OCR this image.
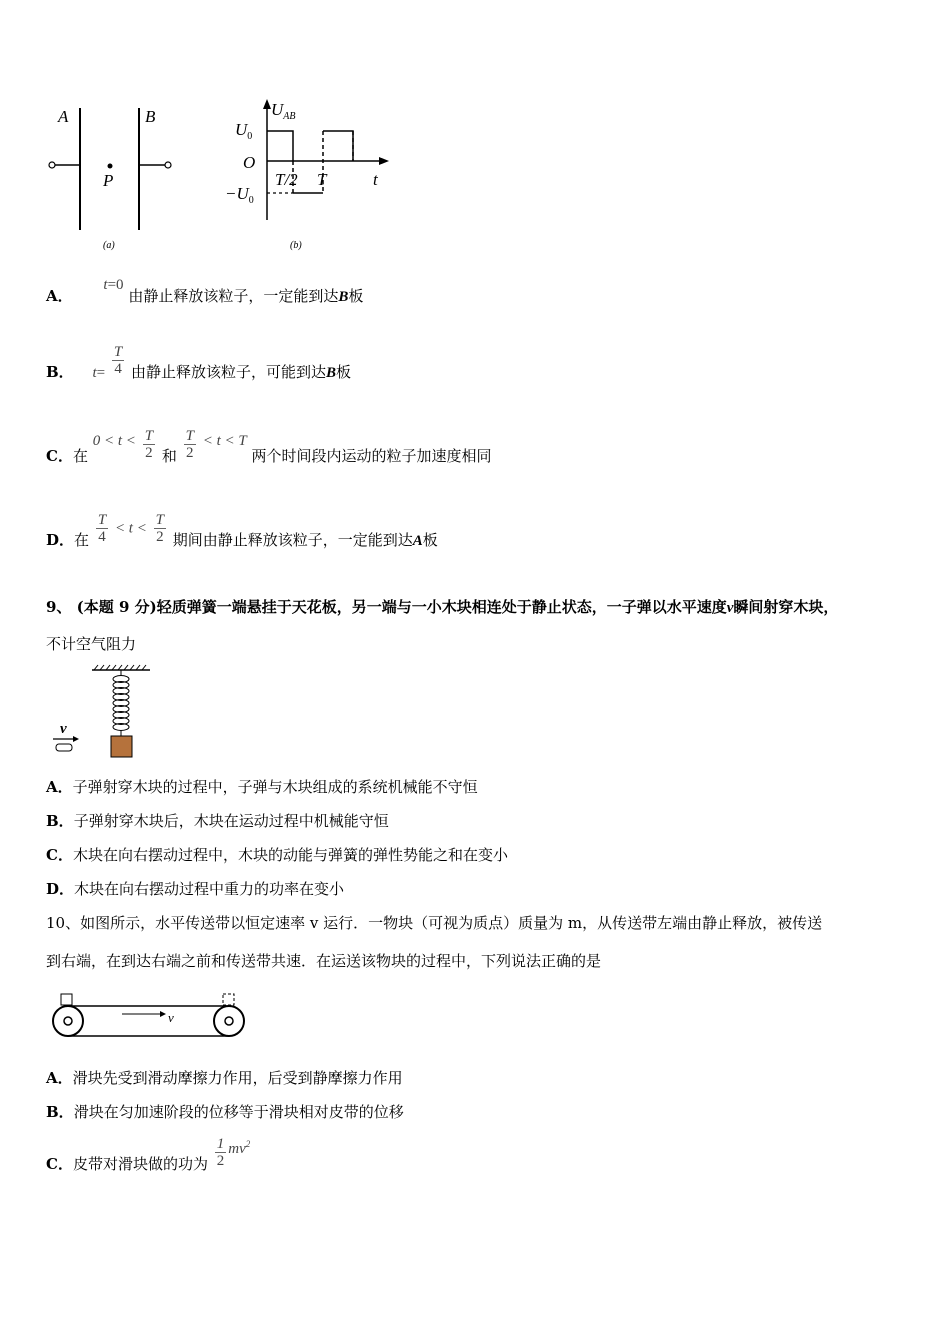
A	B
P
(a)
$U_{AB}$
$U_0$
O
$-U_0$
T/2 T	t
(b)
A． t=0 由静止释放该粒子，一定能到达B板
B． $t= \frac{T}{4}$ 由静止释放该粒子，可能到达B板
C．在 $0 < t < \frac{T}{2}$ 和 $\frac{T}{2} < t < T$ 两个时间段内运动的粒子加速度相同
D．在 $\frac{T}{4} < t < \frac{T}{2}$ 期间由静止释放该粒子，一定能到达A板
9、 (本题 9 分)轻质弹簧一端悬挂于天花板，另一端与一小木块相连处于静止状态，一子弹以水平速度v瞬间射穿木块，
不计空气阻力
v
A．子弹射穿木块的过程中，子弹与木块组成的系统机械能不守恒
B．子弹射穿木块后，木块在运动过程中机械能守恒
C．木块在向右摆动过程中，木块的动能与弹簧的弹性势能之和在变小
D．木块在向右摆动过程中重力的功率在变小
10、如图所示，水平传送带以恒定速率 v 运行．一物块（可视为质点）质量为 m，从传送带左端由静止释放，被传送
到右端，在到达右端之前和传送带共速．在运送该物块的过程中，下列说法正确的是
v
A．滑块先受到滑动摩擦力作用，后受到静摩擦力作用
B．滑块在匀加速阶段的位移等于滑块相对皮带的位移
C．皮带对滑块做的功为 $\frac{1}{2} mv^2$
